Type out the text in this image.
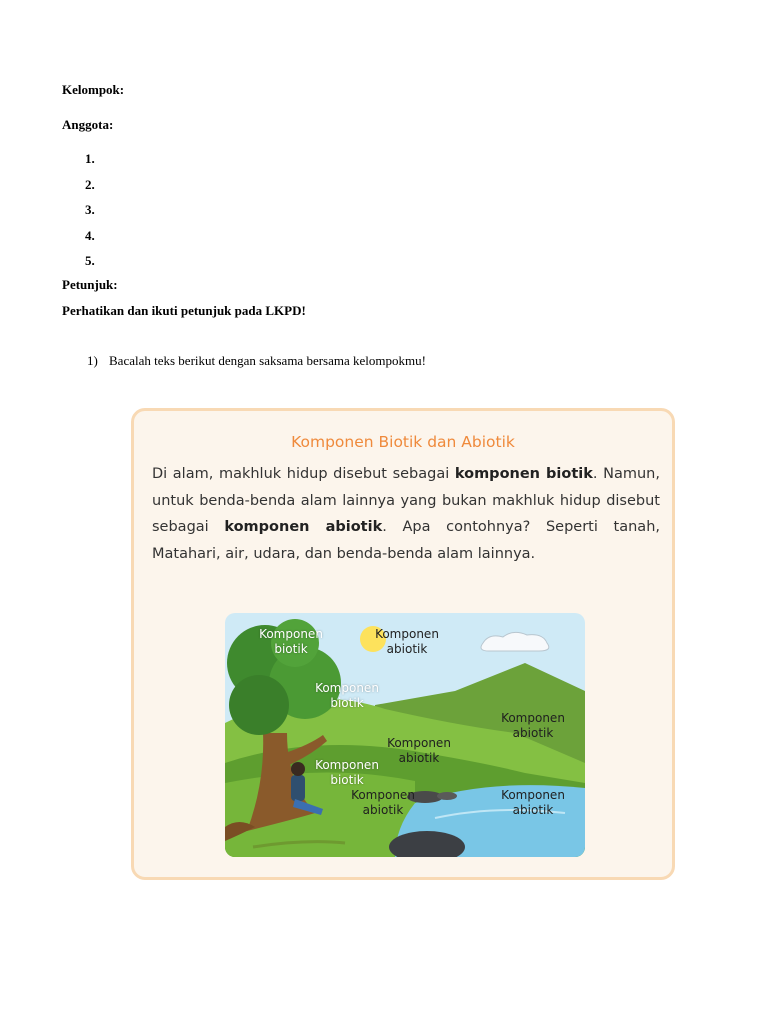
Kelompok:
Anggota:
1.
2.
3.
4.
5.
Petunjuk:
Perhatikan dan ikuti petunjuk pada LKPD!
1) Bacalah teks berikut dengan saksama bersama kelompokmu!
Komponen Biotik dan Abiotik
Di alam, makhluk hidup disebut sebagai komponen biotik. Namun, untuk benda-benda alam lainnya yang bukan makhluk hidup disebut sebagai komponen abiotik. Apa contohnya? Seperti tanah, Matahari, air, udara, dan benda-benda alam lainnya.
Komponen
biotik
Komponen
abiotik
Komponen
biotik
Komponen
abiotik
Komponen
abiotik
Komponen
biotik
Komponen
abiotik
Komponen
abiotik
